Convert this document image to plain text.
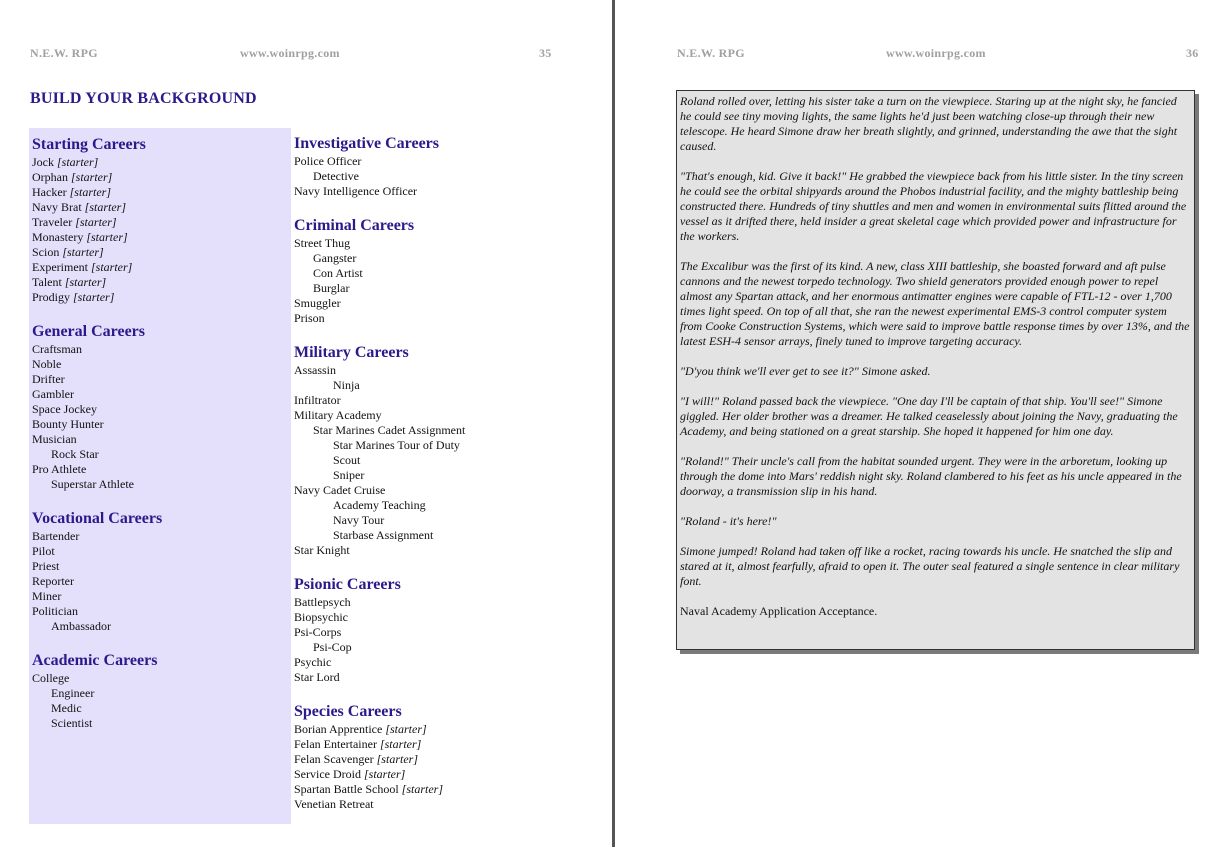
N.E.W. RPG	www.woinrpg.com	35
BUILD YOUR BACKGROUND
Starting Careers
Jock [starter]
Orphan [starter]
Hacker [starter]
Navy Brat [starter]
Traveler [starter]
Monastery [starter]
Scion [starter]
Experiment [starter]
Talent [starter]
Prodigy [starter]
General Careers
Craftsman
Noble
Drifter
Gambler
Space Jockey
Bounty Hunter
Musician
Rock Star
Pro Athlete
Superstar Athlete
Vocational Careers
Bartender
Pilot
Priest
Reporter
Miner
Politician
Ambassador
Academic Careers
College
Engineer
Medic
Scientist
Investigative Careers
Police Officer
Detective
Navy Intelligence Officer
Criminal Careers
Street Thug
Gangster
Con Artist
Burglar
Smuggler
Prison
Military Careers
Assassin
Ninja
Infiltrator
Military Academy
Star Marines Cadet Assignment
Star Marines Tour of Duty
Scout
Sniper
Navy Cadet Cruise
Academy Teaching
Navy Tour
Starbase Assignment
Star Knight
Psionic Careers
Battlepsych
Biopsychic
Psi-Corps
Psi-Cop
Psychic
Star Lord
Species Careers
Borian Apprentice [starter]
Felan Entertainer [starter]
Felan Scavenger [starter]
Service Droid [starter]
Spartan Battle School [starter]
Venetian Retreat
N.E.W. RPG	www.woinrpg.com	36

Roland rolled over, letting his sister take a turn on the viewpiece. Staring up at the night sky, he fancied he could see tiny moving lights, the same lights he'd just been watching close-up through their new telescope. He heard Simone draw her breath slightly, and grinned, understanding the awe that the sight caused.

"That's enough, kid. Give it back!" He grabbed the viewpiece back from his little sister. In the tiny screen he could see the orbital shipyards around the Phobos industrial facility, and the mighty battleship being constructed there. Hundreds of tiny shuttles and men and women in environmental suits flitted around the vessel as it drifted there, held insider a great skeletal cage which provided power and infrastructure for the workers.

The Excalibur was the first of its kind. A new, class XIII battleship, she boasted forward and aft pulse cannons and the newest torpedo technology. Two shield generators provided enough power to repel almost any Spartan attack, and her enormous antimatter engines were capable of FTL-12 - over 1,700 times light speed. On top of all that, she ran the newest experimental EMS-3 control computer system from Cooke Construction Systems, which were said to improve battle response times by over 13%, and the latest ESH-4 sensor arrays, finely tuned to improve targeting accuracy.

"D'you think we'll ever get to see it?" Simone asked.

"I will!" Roland passed back the viewpiece. "One day I'll be captain of that ship. You'll see!" Simone giggled. Her older brother was a dreamer. He talked ceaselessly about joining the Navy, graduating the Academy, and being stationed on a great starship. She hoped it happened for him one day.

"Roland!" Their uncle's call from the habitat sounded urgent. They were in the arboretum, looking up through the dome into Mars' reddish night sky. Roland clambered to his feet as his uncle appeared in the doorway, a transmission slip in his hand.

"Roland - it's here!"

Simone jumped! Roland had taken off like a rocket, racing towards his uncle. He snatched the slip and stared at it, almost fearfully, afraid to open it. The outer seal featured a single sentence in clear military font.

Naval Academy Application Acceptance.
